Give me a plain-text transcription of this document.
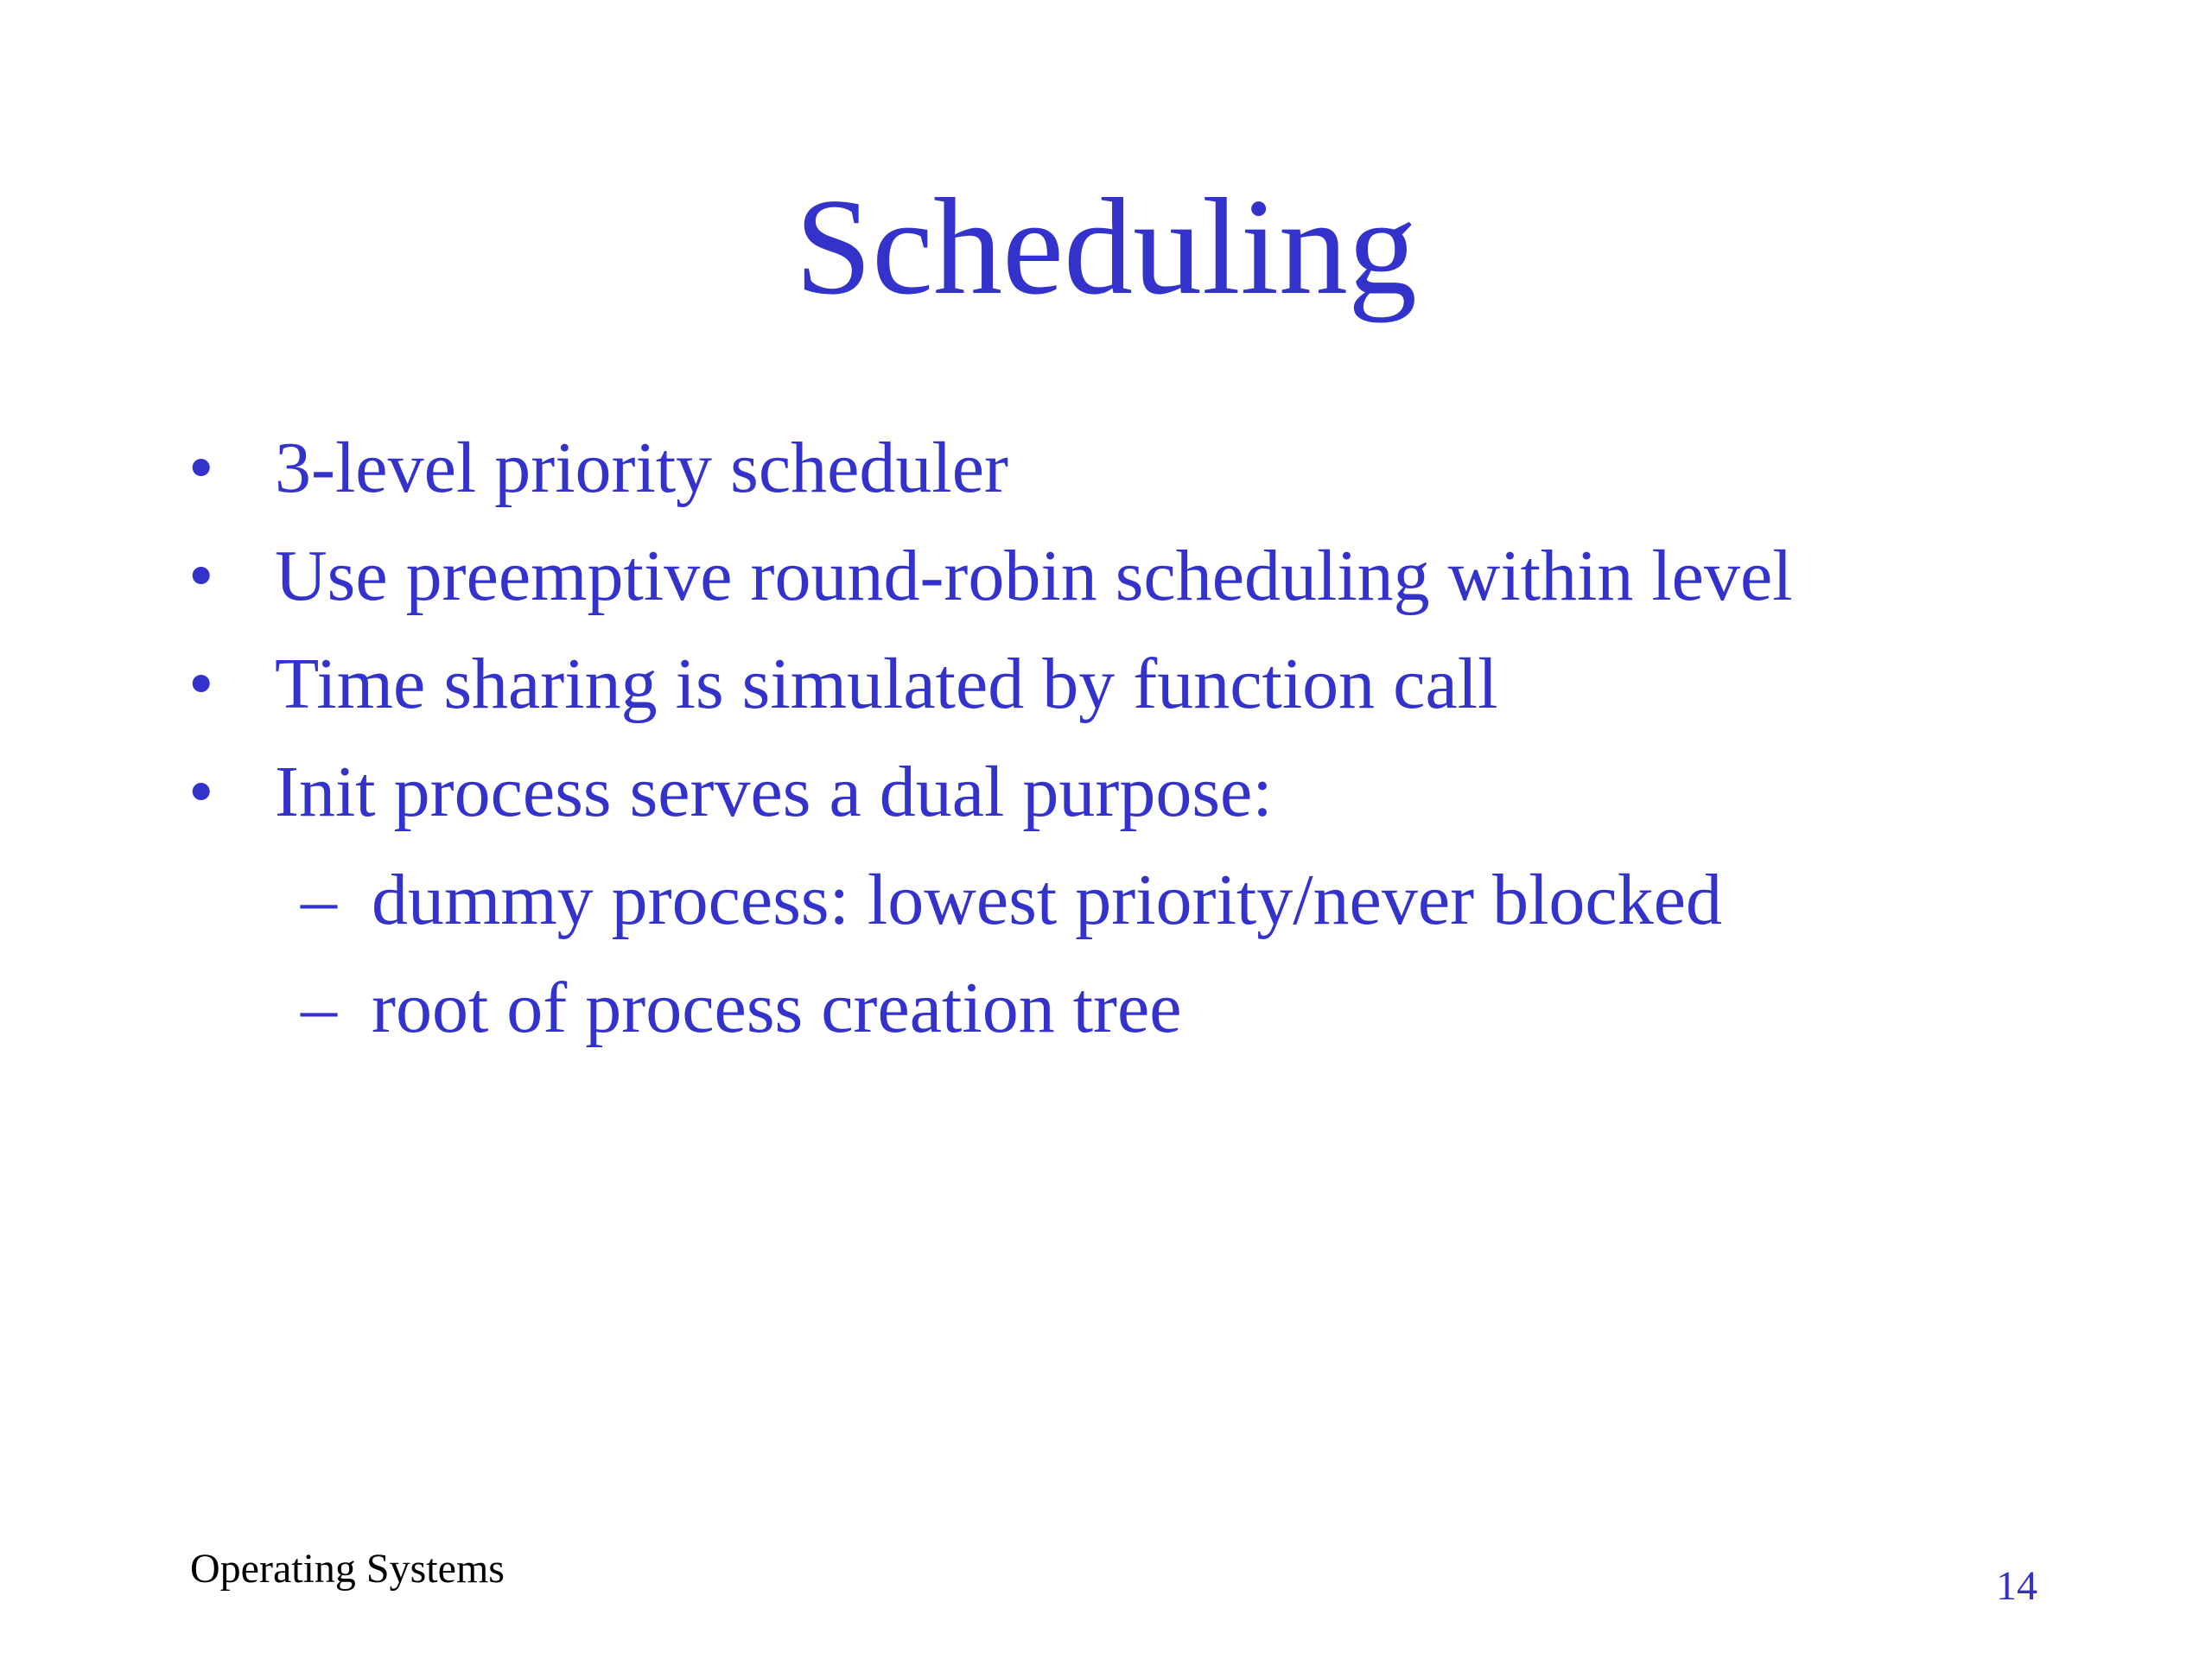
Scheduling
• 3-level priority scheduler
• Use preemptive round-robin scheduling within level
• Time sharing is simulated by function call
• Init process serves a dual purpose:
– dummy process: lowest priority/never blocked
– root of process creation tree
Operating Systems	14
